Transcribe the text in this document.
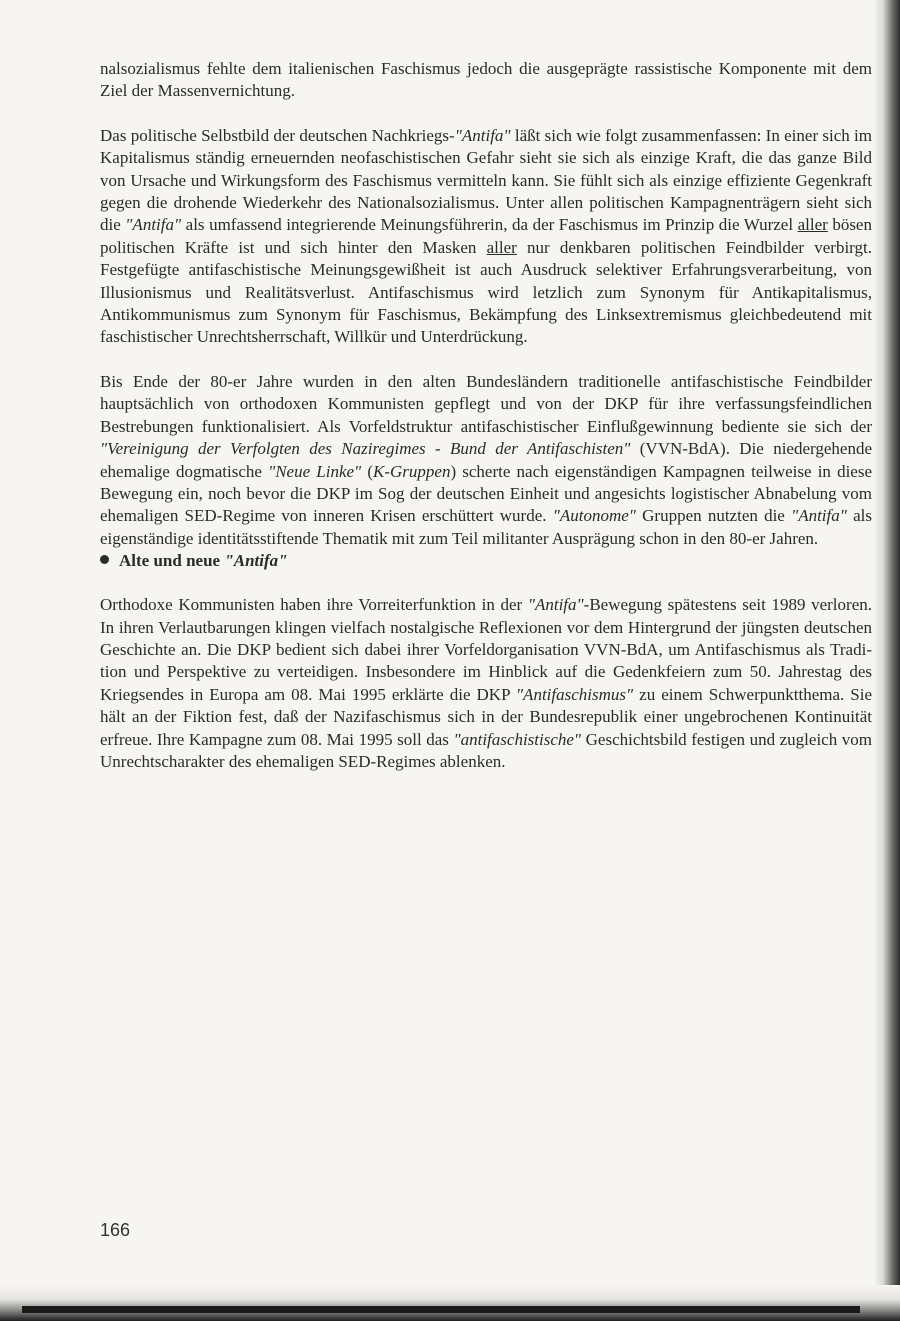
nalsozialismus fehlte dem italienischen Faschismus jedoch die ausgeprägte rassistische Komponente mit dem Ziel der Massenvernichtung.

Das politische Selbstbild der deutschen Nachkriegs-"Antifa" läßt sich wie folgt zusammenfassen: In einer sich im Kapitalismus ständig erneuernden neofaschistischen Gefahr sieht sie sich als einzige Kraft, die das ganze Bild von Ursache und Wirkungsform des Faschismus vermitteln kann. Sie fühlt sich als einzige effiziente Gegenkraft gegen die drohende Wiederkehr des Nationalsozialismus. Unter allen politischen Kampagnenträgern sieht sich die "Antifa" als umfassend integrierende Meinungsführerin, da der Faschismus im Prinzip die Wurzel aller bösen politischen Kräfte ist und sich hinter den Masken aller nur denkbaren politischen Feindbilder verbirgt. Festgefügte antifaschistische Meinungsgewißheit ist auch Ausdruck selektiver Erfahrungsverarbeitung, von Illusionismus und Realitätsverlust. Antifaschismus wird letzlich zum Synonym für Antikapitalismus, Antikommunismus zum Synonym für Faschismus, Bekämpfung des Linksextremismus gleichbedeutend mit faschistischer Unrechtsherrschaft, Willkür und Unterdrückung.

Bis Ende der 80-er Jahre wurden in den alten Bundesländern traditionelle antifaschistische Feindbilder hauptsächlich von orthodoxen Kommunisten gepflegt und von der DKP für ihre verfassungsfeindlichen Bestrebungen funktionalisiert. Als Vorfeldstruktur antifaschistischer Einflußgewinnung bediente sie sich der "Vereinigung der Verfolgten des Naziregimes - Bund der Antifaschisten" (VVN-BdA). Die niedergehende ehemalige dogmatische "Neue Linke" (K-Gruppen) scherte nach eigenständigen Kampagnen teilweise in diese Bewegung ein, noch bevor die DKP im Sog der deutschen Einheit und angesichts logistischer Abnabelung vom ehemaligen SED-Regime von inneren Krisen erschüttert wurde. "Autonome" Gruppen nutzten die "Antifa" als eigenständige identitätsstiftende Thematik mit zum Teil militanter Ausprägung schon in den 80-er Jahren.

Alte und neue "Antifa"

Orthodoxe Kommunisten haben ihre Vorreiterfunktion in der "Antifa"-Bewegung spätestens seit 1989 verloren. In ihren Verlautbarungen klingen vielfach nostalgische Reflexionen vor dem Hintergrund der jüngsten deutschen Geschichte an. Die DKP bedient sich dabei ihrer Vorfeldorganisation VVN-BdA, um Antifaschismus als Tradition und Perspektive zu verteidigen. Insbesondere im Hinblick auf die Gedenkfeiern zum 50. Jahrestag des Kriegsendes in Europa am 08. Mai 1995 erklärte die DKP "Antifaschismus" zu einem Schwerpunktthema. Sie hält an der Fiktion fest, daß der Nazifaschismus sich in der Bundesrepublik einer ungebrochenen Kontinuität erfreue. Ihre Kampagne zum 08. Mai 1995 soll das "antifaschistische" Geschichtsbild festigen und zugleich vom Unrechtscharakter des ehemaligen SED-Regimes ablenken.

166
